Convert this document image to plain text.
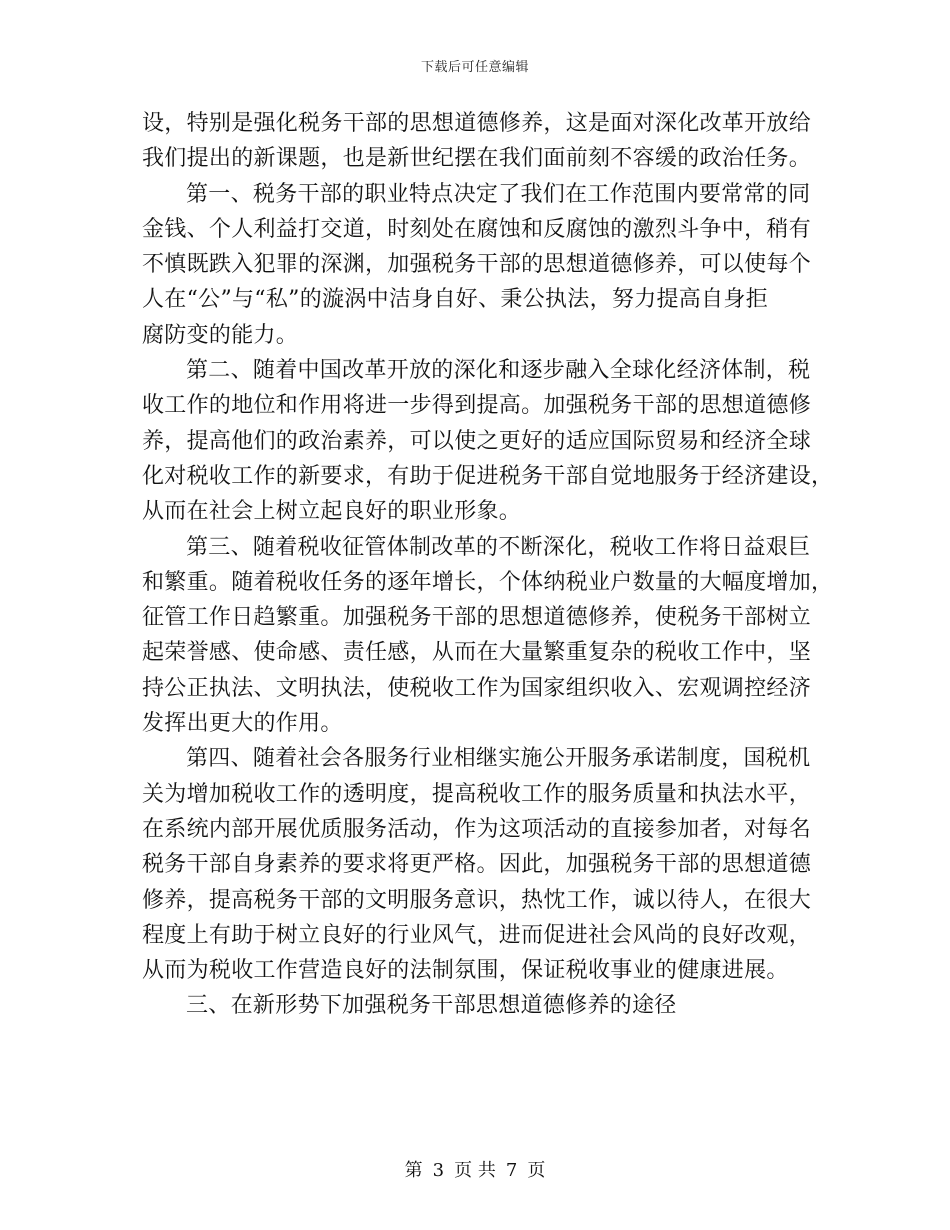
下载后可任意编辑
设，特别是强化税务干部的思想道德修养，这是面对深化改革开放给
我们提出的新课题，也是新世纪摆在我们面前刻不容缓的政治任务。
第一、税务干部的职业特点决定了我们在工作范围内要常常的同
金钱、个人利益打交道，时刻处在腐蚀和反腐蚀的激烈斗争中，稍有
不慎既跌入犯罪的深渊，加强税务干部的思想道德修养，可以使每个
人在“公”与“私”的漩涡中洁身自好、秉公执法，努力提高自身拒
腐防变的能力。
第二、随着中国改革开放的深化和逐步融入全球化经济体制，税
收工作的地位和作用将进一步得到提高。加强税务干部的思想道德修
养，提高他们的政治素养，可以使之更好的适应国际贸易和经济全球
化对税收工作的新要求，有助于促进税务干部自觉地服务于经济建设，
从而在社会上树立起良好的职业形象。
第三、随着税收征管体制改革的不断深化，税收工作将日益艰巨
和繁重。随着税收任务的逐年增长，个体纳税业户数量的大幅度增加，
征管工作日趋繁重。加强税务干部的思想道德修养，使税务干部树立
起荣誉感、使命感、责任感，从而在大量繁重复杂的税收工作中，坚
持公正执法、文明执法，使税收工作为国家组织收入、宏观调控经济
发挥出更大的作用。
第四、随着社会各服务行业相继实施公开服务承诺制度，国税机
关为增加税收工作的透明度，提高税收工作的服务质量和执法水平，
在系统内部开展优质服务活动，作为这项活动的直接参加者，对每名
税务干部自身素养的要求将更严格。因此，加强税务干部的思想道德
修养，提高税务干部的文明服务意识，热忱工作，诚以待人，在很大
程度上有助于树立良好的行业风气，进而促进社会风尚的良好改观，
从而为税收工作营造良好的法制氛围，保证税收事业的健康进展。
三、在新形势下加强税务干部思想道德修养的途径
第 3 页 共 7 页
